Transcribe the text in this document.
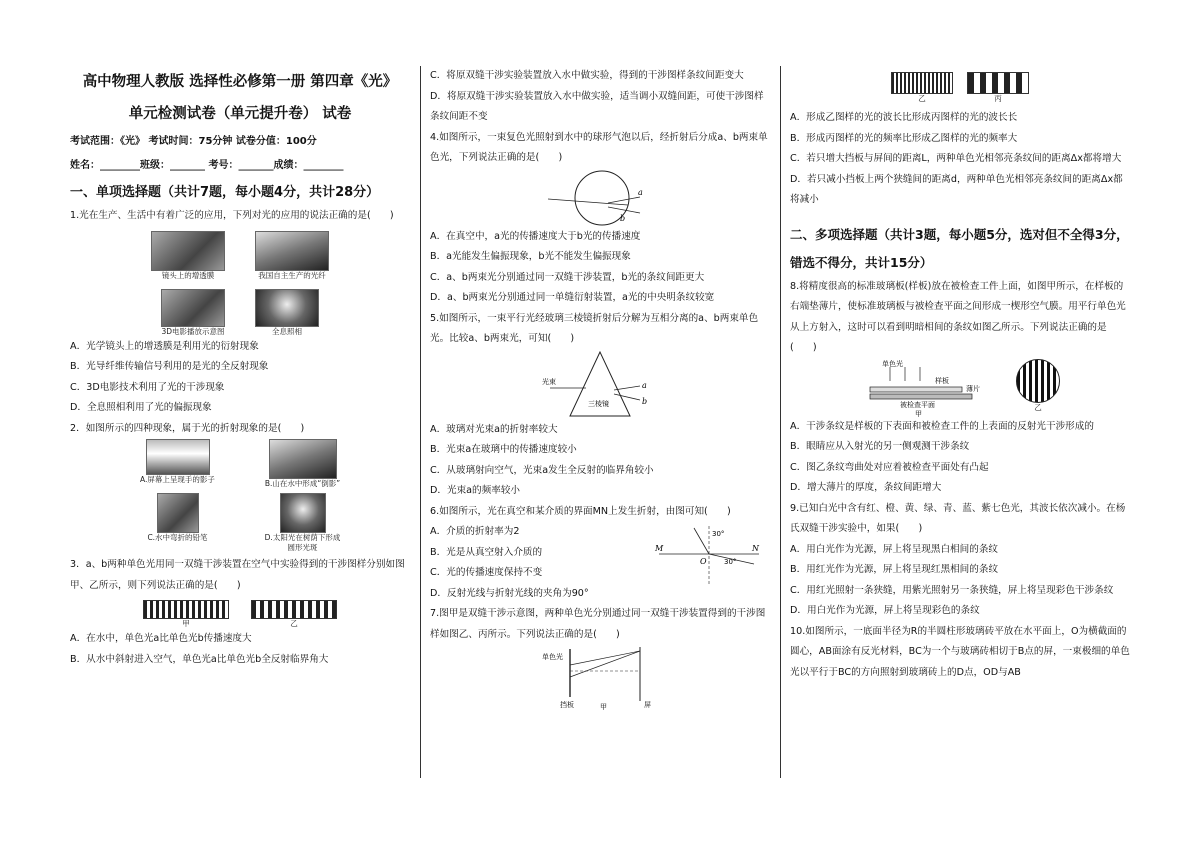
高中物理人教版 选择性必修第一册 第四章《光》
单元检测试卷（单元提升卷） 试卷
考试范围：《光》 考试时间：75分钟 试卷分值：100分
姓名：________班级：_______ 考号：_______成绩：________
一、单项选择题（共计7题，每小题4分，共计28分）
1.光在生产、生活中有着广泛的应用，下列对光的应用的说法正确的是(　　)
镜头上的增透膜	我国自主生产的光纤
3D电影播放示意图	全息照相
A．光学镜头上的增透膜是利用光的衍射现象
B．光导纤维传输信号利用的是光的全反射现象
C．3D电影技术利用了光的干涉现象
D．全息照相利用了光的偏振现象
2．如图所示的四种现象，属于光的折射现象的是(　　)
A.屏幕上呈现手的影子	B.山在水中形成“倒影”
C.水中弯折的铅笔	D.太阳光在树荫下形成圆形光斑
3．a、b两种单色光用同一双缝干涉装置在空气中实验得到的干涉图样分别如图甲、乙所示，则下列说法正确的是(　　)
甲	乙
A．在水中，单色光a比单色光b传播速度大
B．从水中斜射进入空气，单色光a比单色光b全反射临界角大
C．将原双缝干涉实验装置放入水中做实验，得到的干涉图样条纹间距变大
D．将原双缝干涉实验装置放入水中做实验，适当调小双缝间距，可使干涉图样条纹间距不变
4.如图所示，一束复色光照射到水中的球形气泡以后，经折射后分成a、b两束单色光，下列说法正确的是(　　)
a
b
A．在真空中，a光的传播速度大于b光的传播速度
B．a光能发生偏振现象，b光不能发生偏振现象
C．a、b两束光分别通过同一双缝干涉装置，b光的条纹间距更大
D．a、b两束光分别通过同一单缝衍射装置，a光的中央明条纹较宽
5.如图所示，一束平行光经玻璃三棱镜折射后分解为互相分离的a、b两束单色光。比较a、b两束光，可知(　　)
光束
三棱镜
a
b
A．玻璃对光束a的折射率较大
B．光束a在玻璃中的传播速度较小
C．从玻璃射向空气，光束a发生全反射的临界角较小
D．光束a的频率较小
6.如图所示，光在真空和某介质的界面MN上发生折射，由图可知(　　)
M	N
O
30°
30°
A．介质的折射率为2
B．光是从真空射入介质的
C．光的传播速度保持不变
D．反射光线与折射光线的夹角为90°
7.图甲是双缝干涉示意图，两种单色光分别通过同一双缝干涉装置得到的干涉图样如图乙、丙所示。下列说法正确的是(　　)
单色光
挡板	屏
甲
乙	丙
A．形成乙图样的光的波长比形成丙图样的光的波长长
B．形成丙图样的光的频率比形成乙图样的光的频率大
C．若只增大挡板与屏间的距离L，两种单色光相邻亮条纹间的距离Δx都将增大
D．若只减小挡板上两个狭缝间的距离d，两种单色光相邻亮条纹间的距离Δx都将减小
二、多项选择题（共计3题，每小题5分，选对但不全得3分，错选不得分，共计15分）
8.将精度很高的标准玻璃板(样板)放在被检查工件上面，如图甲所示，在样板的右端垫薄片，使标准玻璃板与被检查平面之间形成一楔形空气膜。用平行单色光从上方射入，这时可以看到明暗相间的条纹如图乙所示。下列说法正确的是(　　)
单色光
样板
薄片
被检查平面
甲
乙
A．干涉条纹是样板的下表面和被检查工件的上表面的反射光干涉形成的
B．眼睛应从入射光的另一侧观测干涉条纹
C．图乙条纹弯曲处对应着被检查平面处有凸起
D．增大薄片的厚度，条纹间距增大
9.已知白光中含有红、橙、黄、绿、青、蓝、紫七色光，其波长依次减小。在杨氏双缝干涉实验中，如果(　　)
A．用白光作为光源，屏上将呈现黑白相间的条纹
B．用红光作为光源，屏上将呈现红黑相间的条纹
C．用红光照射一条狭缝，用紫光照射另一条狭缝，屏上将呈现彩色干涉条纹
D．用白光作为光源，屏上将呈现彩色的条纹
10.如图所示，一底面半径为R的半圆柱形玻璃砖平放在水平面上，O为横截面的圆心，AB面涂有反光材料，BC为一个与玻璃砖相切于B点的屏，一束极细的单色光以平行于BC的方向照射到玻璃砖上的D点，OD与AB
